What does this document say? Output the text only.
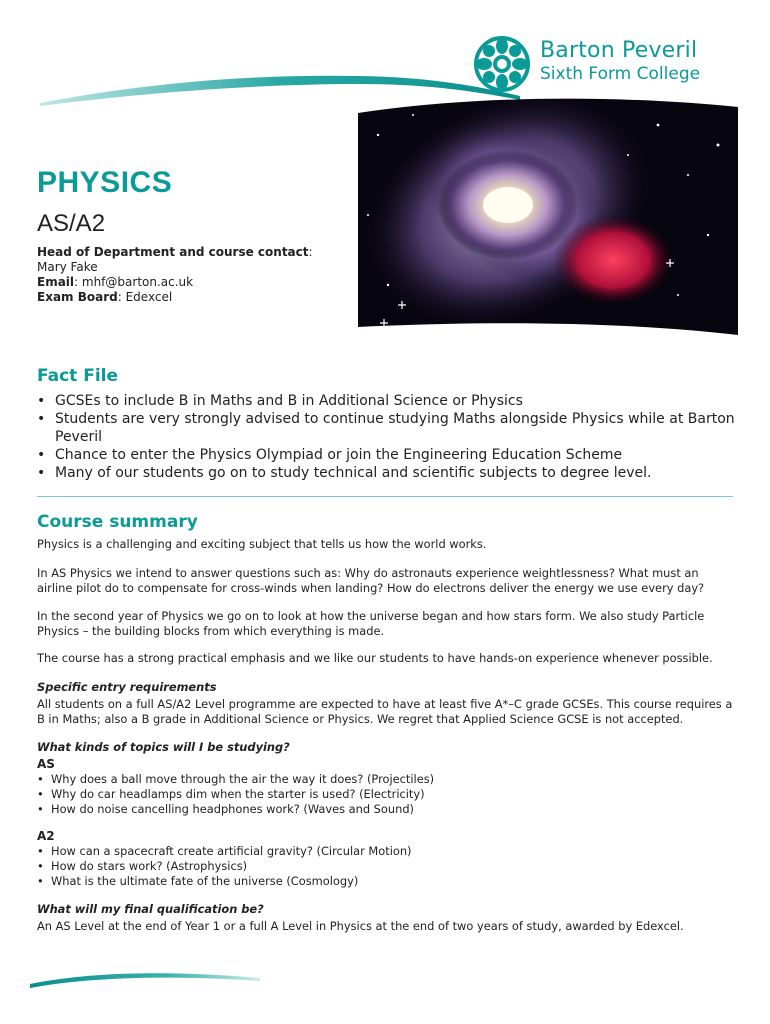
Barton Peveril
Sixth Form College
PHYSICS
AS/A2
Head of Department and course contact:
Mary Fake
Email: mhf@barton.ac.uk
Exam Board: Edexcel
Fact File
• GCSEs to include B in Maths and B in Additional Science or Physics
• Students are very strongly advised to continue studying Maths alongside Physics while at Barton Peveril
• Chance to enter the Physics Olympiad or join the Engineering Education Scheme
• Many of our students go on to study technical and scientific subjects to degree level.
Course summary

Physics is a challenging and exciting subject that tells us how the world works.

In AS Physics we intend to answer questions such as: Why do astronauts experience weightlessness? What must an airline pilot do to compensate for cross-winds when landing? How do electrons deliver the energy we use every day?

In the second year of Physics we go on to look at how the universe began and how stars form. We also study Particle Physics – the building blocks from which everything is made.

The course has a strong practical emphasis and we like our students to have hands-on experience whenever possible.

Specific entry requirements

All students on a full AS/A2 Level programme are expected to have at least five A*–C grade GCSEs. This course requires a B in Maths; also a B grade in Additional Science or Physics. We regret that Applied Science GCSE is not accepted.

What kinds of topics will I be studying?

AS

• Why does a ball move through the air the way it does? (Projectiles)
• Why do car headlamps dim when the starter is used? (Electricity)
• How do noise cancelling headphones work? (Waves and Sound)

A2

• How can a spacecraft create artificial gravity? (Circular Motion)
• How do stars work? (Astrophysics)
• What is the ultimate fate of the universe (Cosmology)

What will my final qualification be?

An AS Level at the end of Year 1 or a full A Level in Physics at the end of two years of study, awarded by Edexcel.
